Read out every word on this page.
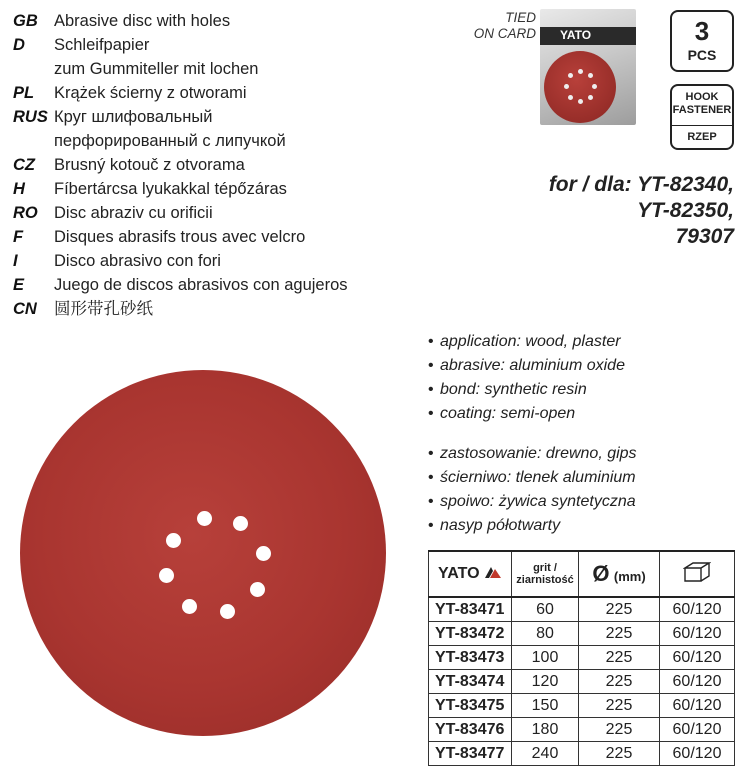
GB Abrasive disc with holes
D	Schleifpapier
zum Gummiteller mit lochen
PL	Krążek ścierny z otworami
RUS Круг шлифовальный
перфорированный с липучкой
CZ	Brusný kotouč z otvorama
H	Fíbertárcsa lyukakkal tépőzáras
RO Disc abraziv cu orificii
F	Disques abrasifs trous avec velcro
I	Disco abrasivo con fori
E	Juego de discos abrasivos con agujeros
CN	圆形带孔砂纸
TIED
ON CARD YATO	3
PCS
HOOK
FASTENER
RZEP
for / dla: YT-82340,
YT-82350,
79307
• application: wood, plaster
• abrasive: aluminium oxide
• bond: synthetic resin
• coating: semi-open
• zastosowanie: drewno, gips
• ścierniwo: tlenek aluminium
• spoiwo: żywica syntetyczna
• nasyp półotwarty
YATO	grit /
ziarnistość	Ø (mm)	
YT-83471	60	225	60/120
YT-83472	80	225	60/120
YT-83473	100	225	60/120
YT-83474	120	225	60/120
YT-83475	150	225	60/120
YT-83476	180	225	60/120
YT-83477	240	225	60/120
